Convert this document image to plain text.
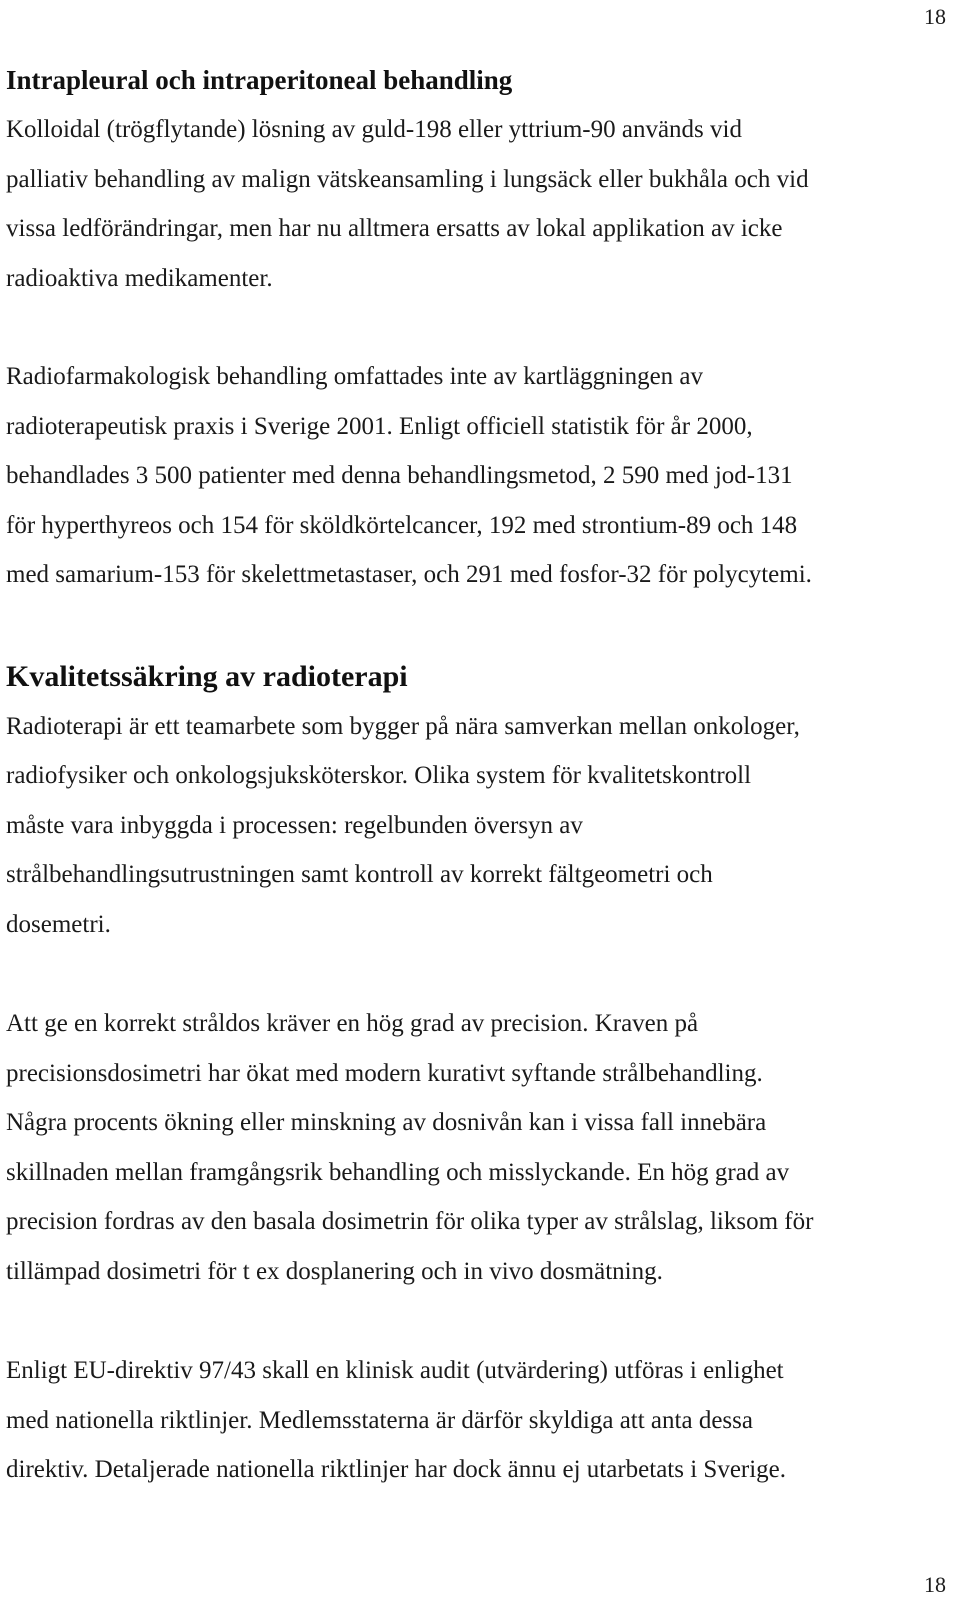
18
Intrapleural och intraperitoneal behandling

Kolloidal (trögflytande) lösning av guld-198 eller yttrium-90 används vid
palliativ behandling av malign vätskeansamling i lungsäck eller bukhåla och vid
vissa ledförändringar, men har nu alltmera ersatts av lokal applikation av icke
radioaktiva medikamenter.

Radiofarmakologisk behandling omfattades inte av kartläggningen av
radioterapeutisk praxis i Sverige 2001. Enligt officiell statistik för år 2000,
behandlades 3 500 patienter med denna behandlingsmetod, 2 590 med jod-131
för hyperthyreos och 154 för sköldkörtelcancer, 192 med strontium-89 och 148
med samarium-153 för skelettmetastaser, och 291 med fosfor-32 för polycytemi.

Kvalitetssäkring av radioterapi

Radioterapi är ett teamarbete som bygger på nära samverkan mellan onkologer,
radiofysiker och onkologsjuksköterskor. Olika system för kvalitetskontroll
måste vara inbyggda i processen: regelbunden översyn av
strålbehandlingsutrustningen samt kontroll av korrekt fältgeometri och
dosemetri.

Att ge en korrekt stråldos kräver en hög grad av precision. Kraven på
precisionsdosimetri har ökat med modern kurativt syftande strålbehandling.
Några procents ökning eller minskning av dosnivån kan i vissa fall innebära
skillnaden mellan framgångsrik behandling och misslyckande. En hög grad av
precision fordras av den basala dosimetrin för olika typer av strålslag, liksom för
tillämpad dosimetri för t ex dosplanering och in vivo dosmätning.

Enligt EU-direktiv 97/43 skall en klinisk audit (utvärdering) utföras i enlighet
med nationella riktlinjer. Medlemsstaterna är därför skyldiga att anta dessa
direktiv. Detaljerade nationella riktlinjer har dock ännu ej utarbetats i Sverige.

18
